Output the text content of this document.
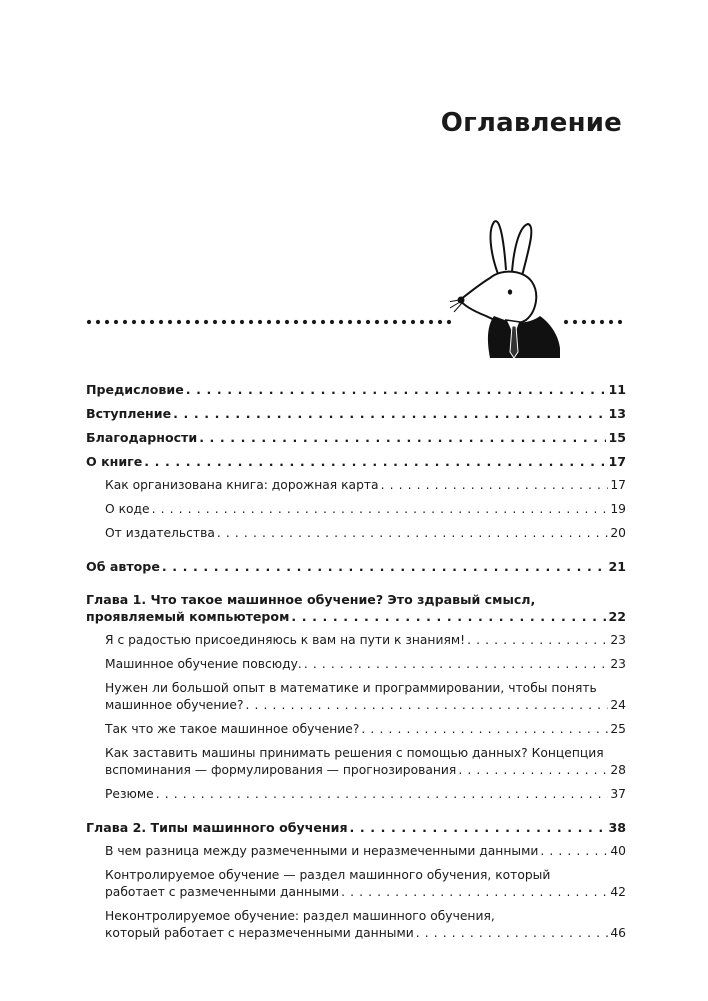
Оглавление
Предисловие . . .	11
Вступление . . .	13
Благодарности . . .	15
О книге . . .	17
Как организована книга: дорожная карта . . .	17
О коде . . .	19
От издательства . . .	20
Об авторе . . .	21
Глава 1. Что такое машинное обучение? Это здравый смысл,
проявляемый компьютером . . .	22
Я с радостью присоединяюсь к вам на пути к знаниям! . . .	23
Машинное обучение повсюду. . . .	23
Нужен ли большой опыт в математике и программировании, чтобы понять
машинное обучение? . . .	24
Так что же такое машинное обучение? . . .	25
Как заставить машины принимать решения с помощью данных? Концепция
вспоминания — формулирования — прогнозирования . . .	28
Резюме . . .	37
Глава 2. Типы машинного обучения . . .	38
В чем разница между размеченными и неразмеченными данными . . .	40
Контролируемое обучение — раздел машинного обучения, который
работает с размеченными данными . . .	42
Неконтролируемое обучение: раздел машинного обучения,
который работает с неразмеченными данными . . .	46
